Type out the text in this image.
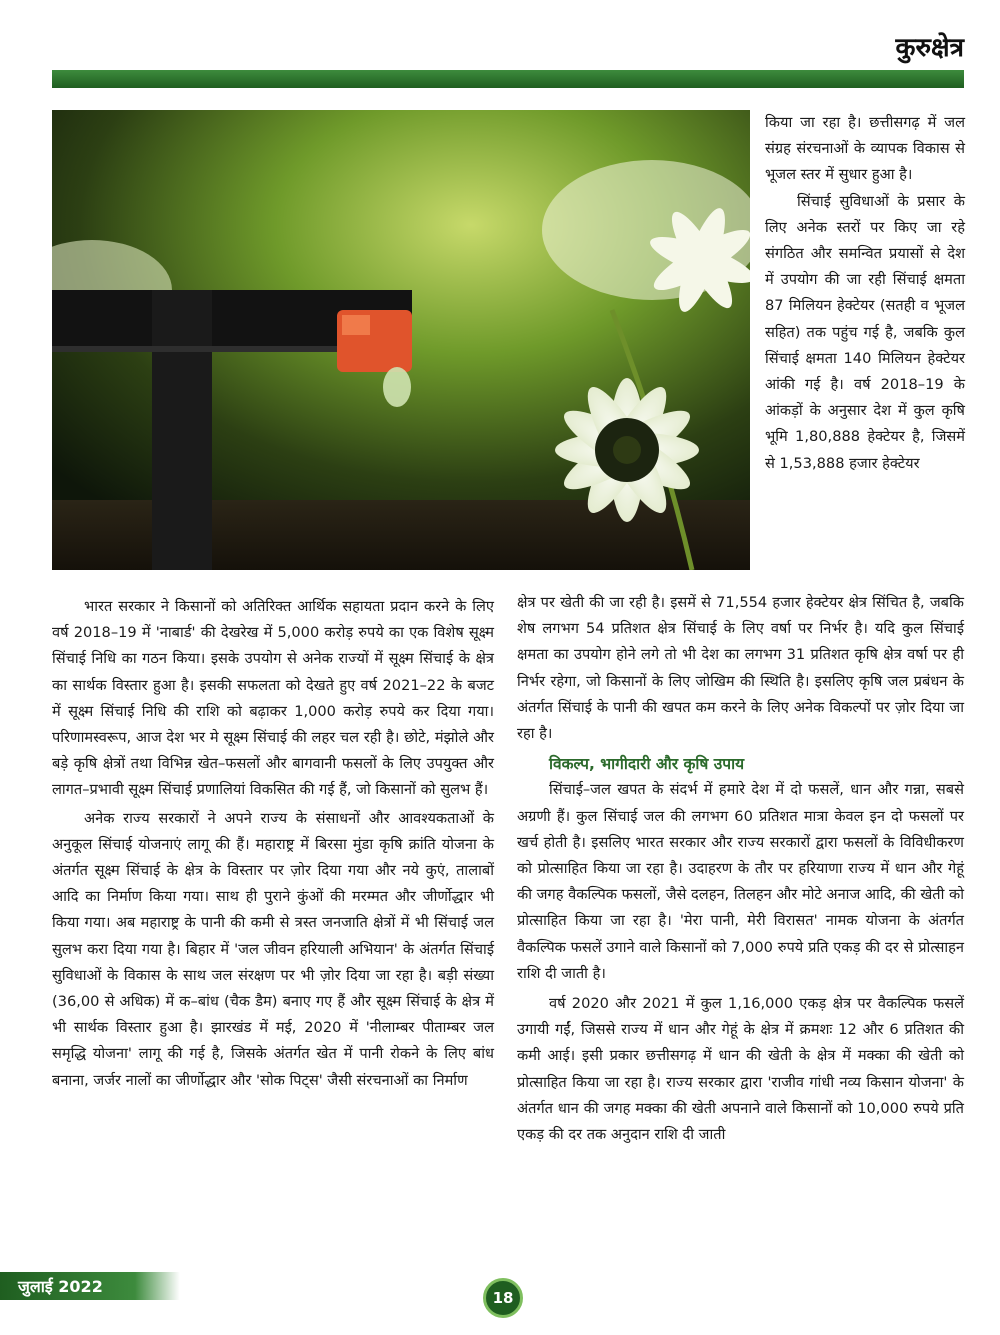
कुरुक्षेत्र

किया जा रहा है। छत्तीसगढ़ में जल संग्रह संरचनाओं के व्यापक विकास से भूजल स्तर में सुधार हुआ है।

सिंचाई सुविधाओं के प्रसार के लिए अनेक स्तरों पर किए जा रहे संगठित और समन्वित प्रयासों से देश में उपयोग की जा रही सिंचाई क्षमता 87 मिलियन हेक्टेयर (सतही व भूजल सहित) तक पहुंच गई है, जबकि कुल सिंचाई क्षमता 140 मिलियन हेक्टेयर आंकी गई है। वर्ष 2018–19 के आंकड़ों के अनुसार देश में कुल कृषि भूमि 1,80,888 हेक्टेयर है, जिसमें से 1,53,888 हजार हेक्टेयर

भारत सरकार ने किसानों को अतिरिक्त आर्थिक सहायता प्रदान करने के लिए वर्ष 2018–19 में 'नाबार्ड' की देखरेख में 5,000 करोड़ रुपये का एक विशेष सूक्ष्म सिंचाई निधि का गठन किया। इसके उपयोग से अनेक राज्यों में सूक्ष्म सिंचाई के क्षेत्र का सार्थक विस्तार हुआ है। इसकी सफलता को देखते हुए वर्ष 2021–22 के बजट में सूक्ष्म सिंचाई निधि की राशि को बढ़ाकर 1,000 करोड़ रुपये कर दिया गया। परिणामस्वरूप, आज देश भर मे सूक्ष्म सिंचाई की लहर चल रही है। छोटे, मंझोले और बड़े कृषि क्षेत्रों तथा विभिन्न खेत–फसलों और बागवानी फसलों के लिए उपयुक्त और लागत–प्रभावी सूक्ष्म सिंचाई प्रणालियां विकसित की गई हैं, जो किसानों को सुलभ हैं।

अनेक राज्य सरकारों ने अपने राज्य के संसाधनों और आवश्यकताओं के अनुकूल सिंचाई योजनाएं लागू की हैं। महाराष्ट्र में बिरसा मुंडा कृषि क्रांति योजना के अंतर्गत सूक्ष्म सिंचाई के क्षेत्र के विस्तार पर ज़ोर दिया गया और नये कुएं, तालाबों आदि का निर्माण किया गया। साथ ही पुराने कुंओं की मरम्मत और जीर्णोद्धार भी किया गया। अब महाराष्ट्र के पानी की कमी से त्रस्त जनजाति क्षेत्रों में भी सिंचाई जल सुलभ करा दिया गया है। बिहार में 'जल जीवन हरियाली अभियान' के अंतर्गत सिंचाई सुविधाओं के विकास के साथ जल संरक्षण पर भी ज़ोर दिया जा रहा है। बड़ी संख्या (36,00 से अधिक) में क–बांध (चैक डैम) बनाए गए हैं और सूक्ष्म सिंचाई के क्षेत्र में भी सार्थक विस्तार हुआ है। झारखंड में मई, 2020 में 'नीलाम्बर पीताम्बर जल समृद्धि योजना' लागू की गई है, जिसके अंतर्गत खेत में पानी रोकने के लिए बांध बनाना, जर्जर नालों का जीर्णोद्धार और 'सोक पिट्स' जैसी संरचनाओं का निर्माण

क्षेत्र पर खेती की जा रही है। इसमें से 71,554 हजार हेक्टेयर क्षेत्र सिंचित है, जबकि शेष लगभग 54 प्रतिशत क्षेत्र सिंचाई के लिए वर्षा पर निर्भर है। यदि कुल सिंचाई क्षमता का उपयोग होने लगे तो भी देश का लगभग 31 प्रतिशत कृषि क्षेत्र वर्षा पर ही निर्भर रहेगा, जो किसानों के लिए जोखिम की स्थिति है। इसलिए कृषि जल प्रबंधन के अंतर्गत सिंचाई के पानी की खपत कम करने के लिए अनेक विकल्पों पर ज़ोर दिया जा रहा है।

विकल्प, भागीदारी और कृषि उपाय

सिंचाई–जल खपत के संदर्भ में हमारे देश में दो फसलें, धान और गन्ना, सबसे अग्रणी हैं। कुल सिंचाई जल की लगभग 60 प्रतिशत मात्रा केवल इन दो फसलों पर खर्च होती है। इसलिए भारत सरकार और राज्य सरकारों द्वारा फसलों के विविधीकरण को प्रोत्साहित किया जा रहा है। उदाहरण के तौर पर हरियाणा राज्य में धान और गेहूं की जगह वैकल्पिक फसलों, जैसे दलहन, तिलहन और मोटे अनाज आदि, की खेती को प्रोत्साहित किया जा रहा है। 'मेरा पानी, मेरी विरासत' नामक योजना के अंतर्गत वैकल्पिक फसलें उगाने वाले किसानों को 7,000 रुपये प्रति एकड़ की दर से प्रोत्साहन राशि दी जाती है।

वर्ष 2020 और 2021 में कुल 1,16,000 एकड़ क्षेत्र पर वैकल्पिक फसलें उगायी गईं, जिससे राज्य में धान और गेहूं के क्षेत्र में क्रमशः 12 और 6 प्रतिशत की कमी आई। इसी प्रकार छत्तीसगढ़ में धान की खेती के क्षेत्र में मक्का की खेती को प्रोत्साहित किया जा रहा है। राज्य सरकार द्वारा 'राजीव गांधी नव्य किसान योजना' के अंतर्गत धान की जगह मक्का की खेती अपनाने वाले किसानों को 10,000 रुपये प्रति एकड़ की दर तक अनुदान राशि दी जाती

जुलाई 2022
18
